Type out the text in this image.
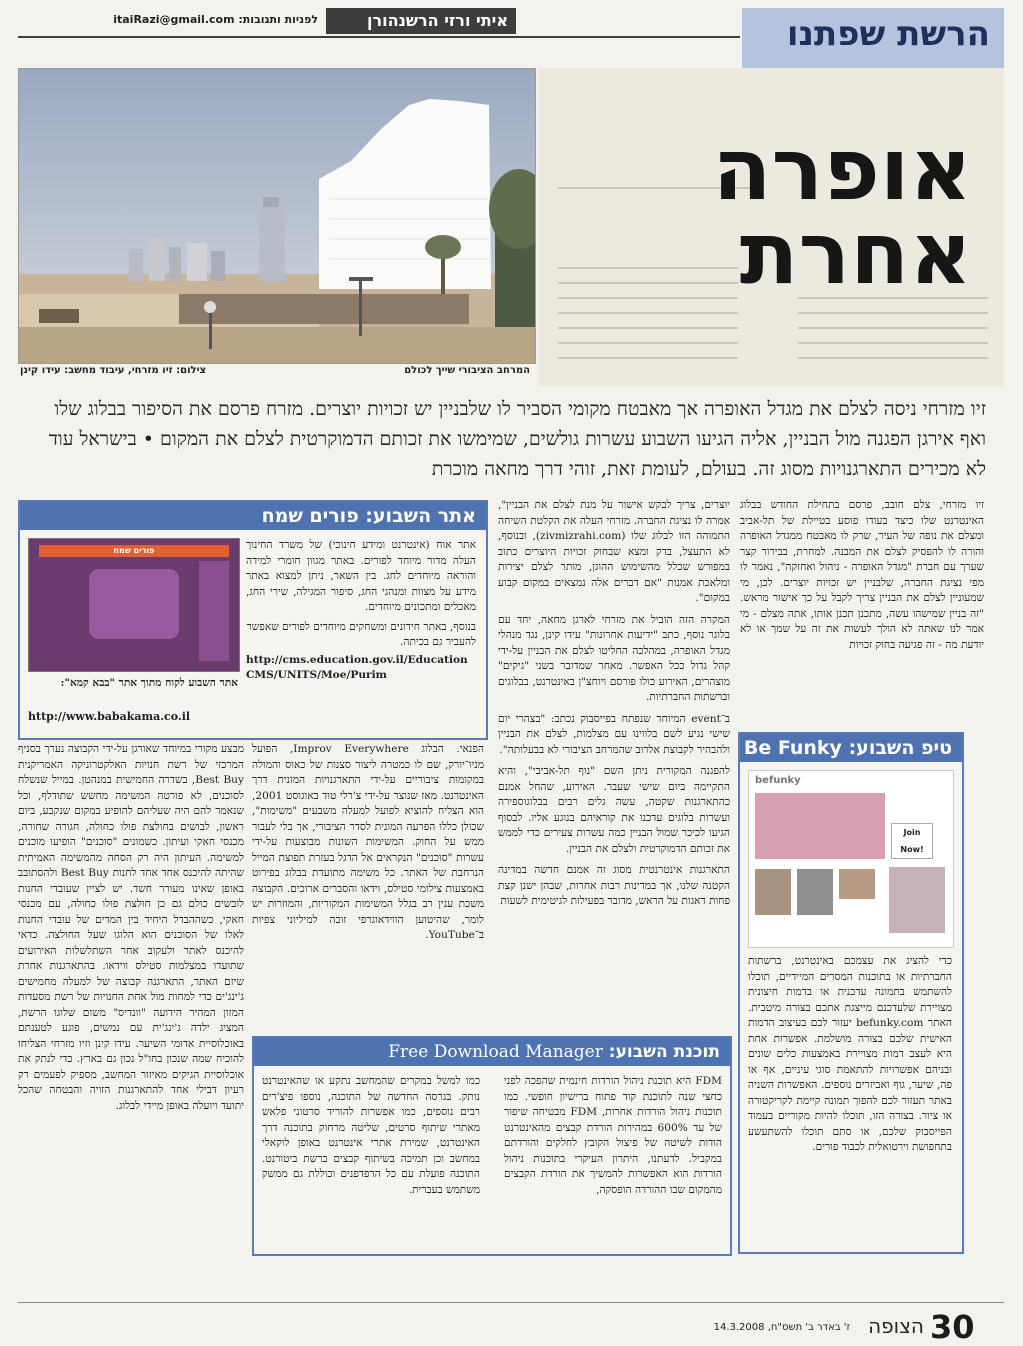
הרשת שפתנו
איתי ורזי הרשנהורן
לפניות ותגובות: itaiRazi@gmail.com
צילום: זיו מזרחי, עיבוד מחשב: עידו קינן	המרחב הציבורי שייך לכולם
אופרה
אחרת
זיו מזרחי ניסה לצלם את מגדל האופרה אך מאבטח מקומי הסביר לו שלבניין יש זכויות יוצרים. מזרח פרסם את הסיפור בבלוג שלו ואף אירגן הפגנה מול הבניין, אליה הגיעו השבוע עשרות גולשים, שמימשו את זכותם הדמוקרטית לצלם את המקום • בישראל עוד לא מכירים התארגנויות מסוג זה. בעולם, לעומת זאת, זוהי דרך מחאה מוכרת

זיו מזרחי, צלם חובב, פרסם בתחילת החודש בבלוג האינטרנט שלו כיצד בעודו פוסע בטיילת של תל-אביב ומצלם את נופה של העיר, שרק לו מאבטח ממגדל האופרה והורה לו להפסיק לצלם את המבנה. למחרת, בבירור קצר שערך עם חברת "מגדל האופרה - ניהול ואחזקה", נאמר לו מפי נציגת החברה, שלבניין יש זכויות יוצרים. לכן, מי שמעוניין לצלם את הבניין צריך לקבל על כך אישור מראש. "זה בניין שמישהו עשה, מתכנן תכנן אותו, אתה מצלם - מי אמר לנו שאתה לא הולך לעשות את זה על שמך או לא יודעת מה - זה פגיעה בחוק זכויות

יוצרים, צריך לבקש אישור על מנת לצלם את הבניין", אמרה לו נציגת החברה. מזרחי העלה את הקלטת השיחה התמוהה הזו לבלוג שלו (zivmizrahi.com), ובנוסף, לא התעצל, בדק ומצא שבחוק זכויות היוצרים כתוב במפורש שכלל מהשימוש ההוגן, מותר לצלם יצירות ומלאכת אמנות "אם דברים אלה נמצאים במקום קבוע במקום".

המקרה הזה הוביל את מזרחי לארגן מחאה, יחד עם בלוגר נוסף, כתב "ידיעות אחרונות" עידו קינן, נגד מנהלי מגדל האופרה, במהלכה החליטו לצלם את הבניין על-ידי קהל גדול ככל האפשר. מאחר שמדובר בשני "גיקים" מוצהרים, האירוע כולו פורסם ויוחצ"ן באינטרנט, בבלוגים וברשתות החברתיות.

ב־event המיוחד שנפתח בפייסבוק נכתב: "בצהרי יום שישי נגיע לשם בלווינו עם מצלמות, לצלם את הבניין ולהבהיר לקבוצת אלרוב שהמרחב הציבורי לא בבעלותה".

להפגנה המקורית ניתן השם "נוף תל-אביבי", והיא התקיימה ביום שישי שעבר. האירוע, שהחל אמנם כהתארגנות שקטה, עשה גלים רבים בבלוגוספירה ועשרות בלוגים עדכנו את קוראיהם בנוגע אליו. לבסוף הגיעו לכיכר שמול הבניין כמה עשרות צעירים כדי לממש את זכותם הדמוקרטית ולצלם את הבניין.

התארגנות אינטרנטית מסוג זה אמנם חדשה במדינה הקטנה שלנו, אך במדינות רבות אחרות, שבהן ישנן קצת פחות דאגות על הראש, מדובר בפעילות לגיטימית לשעות

אתר השבוע: פורים שמח
פורים שמח	אתר אוח (אינטרנט ומידע חינוכי) של משרד החינוך העלה מדור מיוחד לפורים. באתר מגוון חומרי למידה והוראה מיוחדים לחג. בין השאר, ניתן למצוא באתר מידע על מצוות ומנהגי החג, סיפור המגילה, שירי החג, מאכלים ומתכונים מיוחדים.

בנוסף, באתר חידונים ומשחקים מיוחדים לפורים שאפשר להעביר גם בכיתה.

http://cms.education.gov.il/EducationCMS/UNITS/Moe/Purim
אתר השבוע לקוח מתוך אתר "בבא קמא":
http://www.babakama.co.il
טיפ השבוע: Be Funky
befunky
Join Now!
כדי להציג את עצמכם באינטרנט, ברשתות החברתיות או בתוכנות המסרים המיידיים, תוכלו להשתמש בתמונה עדכנית או בדמות חיצונית מצויירת שלעדכנם מייצגת אתכם בצורה מיטבית. האתר befunky.com יעזור לכם בעיצוב הדמות האישית שלכם בצורה מושלמת. אפשרות אחת היא לעצב דמות מצויירת באמצעות כלים שונים ובניהם אפשרויות להתאמת סוגי עיניים, אף או פה, שיער, גוף ואביזרים נוספים. האפשרות השניה באתר תעזור לכם להפוך תמונה קיימת לקריקטורה או ציור. בצורה הזו, תוכלו להיות מקוריים בעמוד הפייסבוק שלכם, או סתם תוכלו להשתעשע בתחפושת וירטואלית לכבוד פורים.

הפנאי. הבלוג Improv Everywhere, הפועל מניו־יורק, שם לו כמטרה ליצור סצנות של כאוס והמולה במקומות ציבוריים על-ידי התארגנויות המונית דרך האינטרנט. מאז שנוצר על-ידי צ'רלי טוד באוגוסט 2001, הוא הצליח להוציא לפועל למעלה משבעים "משימות", שכולן כללו הפרעה המונית לסדר הציבורי, אך בלי לעבור ממש על החוק. המשימות השונות מבוצעות על-ידי עשרות "סוכנים" הנקראים אל הדגל בעזרת תפוצת המייל הנרחבת של האתר. כל משימה מתועדת בבלוג בפירוט באמצעות צילומי סטילס, וידאו והסברים ארוכים. הקבוצה משכת ענין רב בגלל המשימות המקוריות, והמוזרות יש לומר, שהיטוען הווידאוגרפי זוכה למיליוני צפיות ב־YouTube.

מבצע מקורי במיוחד שאורגן על-ידי הקבוצה נערך בסניף המרכזי של רשת חנויות האלקטרוניקה האמריקנית Best Buy, בשדרה החמישית במנהטן. במייל שנשלח לסוכנים, לא פורטה המשימה מחשש שתודלף, וכל שנאמר להם היה שעליהם להופיע במקום שנקבע, ביום ראשון, לבושים בחולצת פולו כחולה, חגורה שחורה, מכנסי חאקי ועיתון. כשמונים "סוכנים" הופיעו מוכנים למשימה. העיתון היה רק הסחה מהמשימה האמיתית שהיתה להיכנס אחד אחד לחנות Best Buy ולהסתובב באופן שאינו מעורר חשד. יש לציין שעובדי החנות לובשים כולם גם כן חולצת פולו כחולה, עם מכנסי חאקי, כשההבדל היחיד בין המדים של עובדי החנות לאלו של הסוכנים הוא הלוגו שעל החולצה. כדאי להיכנס לאתר ולעקוב אחר השתלשלות האירועים שתועדו במצלמות סטילס ווידאו. בהתארגנות אחרת שיזם האתר, התארגנה קבוצה של למעלה מחמישים ג'ינג'ים כדי למחות מול אחת החנויות של רשת מסעדות המזון המהיר הידועה "וונדיס" משום שלוגו הרשת, המציג ילדה ג'ינג'ית עם נמשים, פוגע לטענתם באוכלוסיית אדומי השיער. עידו קינן וזיו מזרחי הצליחו להוכיח שמה שנכון בחו"ל נכון גם בארץ. כדי לנתק את אוכלוסיית הגיקים מאיזור המחשב, מספיק לפעמים רק רעיון דבילי אחד להתארגנות הזויה והבטחה שהכל יתועד ויועלה באופן מיידי לבלוג.

תוכנת השבוע: Free Download Manager
FDM היא תוכנת ניהול הורדות חינמית שהפכה לפני כחצי שנה לתוכנת קוד פתוח ברישיון חופשי. כמו תוכנות ניהול הורדות אחרות, FDM מבטיחה שיפור של עד 600% במהירות הורדת קבצים מהאינטרנט הודות לשיטה של פיצול הקובץ לחלקים והורדתם במקביל. לדעתנו, היתרון העיקרי בתוכנות ניהול הורדות הוא האפשרות להמשיך את הורדת הקבצים מהמקום שבו ההורדה הופסקה,
כמו למשל במקרים שהמחשב נתקע או שהאינטרנט נותק. בגרסה החדשה של התוכנה, נוספו פיצ'רים רבים נוספים, כמו אפשרות להוריד סרטוני פלאש מאתרי שיתוף סרטים, שליטה מרחוק בתוכנה דרך האינטרנט, שמירת אתרי אינטרנט באופן לוקאלי במחשב וכן תמיכה בשיתוף קבצים ברשת ביטורנט. התוכנה פועלת עם כל הדפדפנים וכוללת גם ממשק משתמש בעברית.
30
הצופה
ז' באדר ב' תשס"ח, 14.3.2008
